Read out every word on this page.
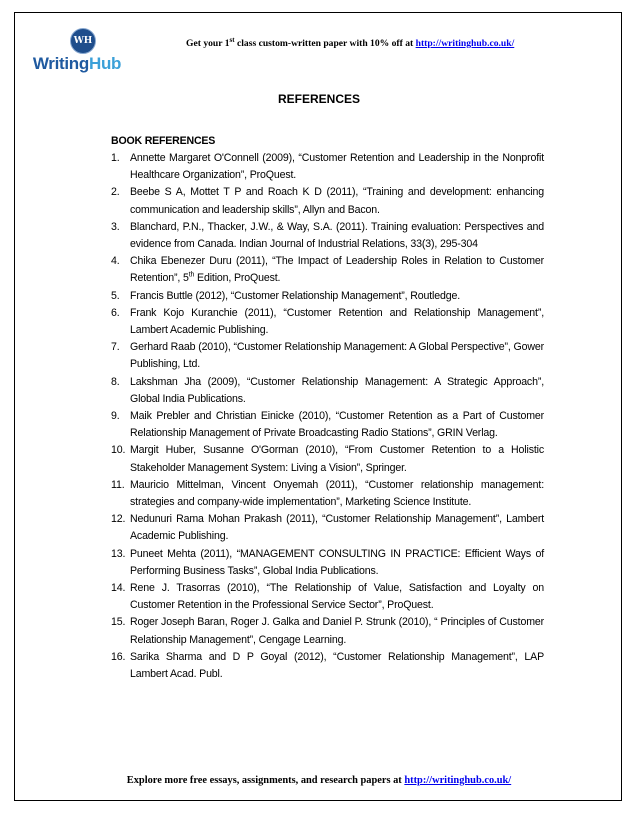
WH
WritingHub
Get your 1st class custom-written paper with 10% off at http://writinghub.co.uk/
REFERENCES
BOOK REFERENCES
1. Annette Margaret O'Connell (2009), “Customer Retention and Leadership in the Nonprofit Healthcare Organization”, ProQuest.
2. Beebe S A, Mottet T P and Roach K D (2011), “Training and development: enhancing communication and leadership skills”, Allyn and Bacon.
3. Blanchard, P.N., Thacker, J.W., & Way, S.A. (2011). Training evaluation: Perspectives and evidence from Canada. Indian Journal of Industrial Relations, 33(3), 295-304
4. Chika Ebenezer Duru (2011), “The Impact of Leadership Roles in Relation to Customer Retention”, 5th Edition, ProQuest.
5. Francis Buttle (2012), “Customer Relationship Management”, Routledge.
6. Frank Kojo Kuranchie (2011), “Customer Retention and Relationship Management”, Lambert Academic Publishing.
7. Gerhard Raab (2010), “Customer Relationship Management: A Global Perspective”, Gower Publishing, Ltd.
8. Lakshman Jha (2009), “Customer Relationship Management: A Strategic Approach”, Global India Publications.
9. Maik Prebler and Christian Einicke (2010), “Customer Retention as a Part of Customer Relationship Management of Private Broadcasting Radio Stations”, GRIN Verlag.
10. Margit Huber, Susanne O'Gorman (2010), “From Customer Retention to a Holistic Stakeholder Management System: Living a Vision”, Springer.
11. Mauricio Mittelman, Vincent Onyemah (2011), “Customer relationship management: strategies and company-wide implementation”, Marketing Science Institute.
12. Nedunuri Rama Mohan Prakash (2011), “Customer Relationship Management”, Lambert Academic Publishing.
13. Puneet Mehta (2011), “MANAGEMENT CONSULTING IN PRACTICE: Efficient Ways of Performing Business Tasks”, Global India Publications.
14. Rene J. Trasorras (2010), “The Relationship of Value, Satisfaction and Loyalty on Customer Retention in the Professional Service Sector”, ProQuest.
15. Roger Joseph Baran, Roger J. Galka and Daniel P. Strunk (2010), “ Principles of Customer Relationship Management”, Cengage Learning.
16. Sarika Sharma and D P Goyal (2012), “Customer Relationship Management”, LAP Lambert Acad. Publ.
Explore more free essays, assignments, and research papers at http://writinghub.co.uk/
